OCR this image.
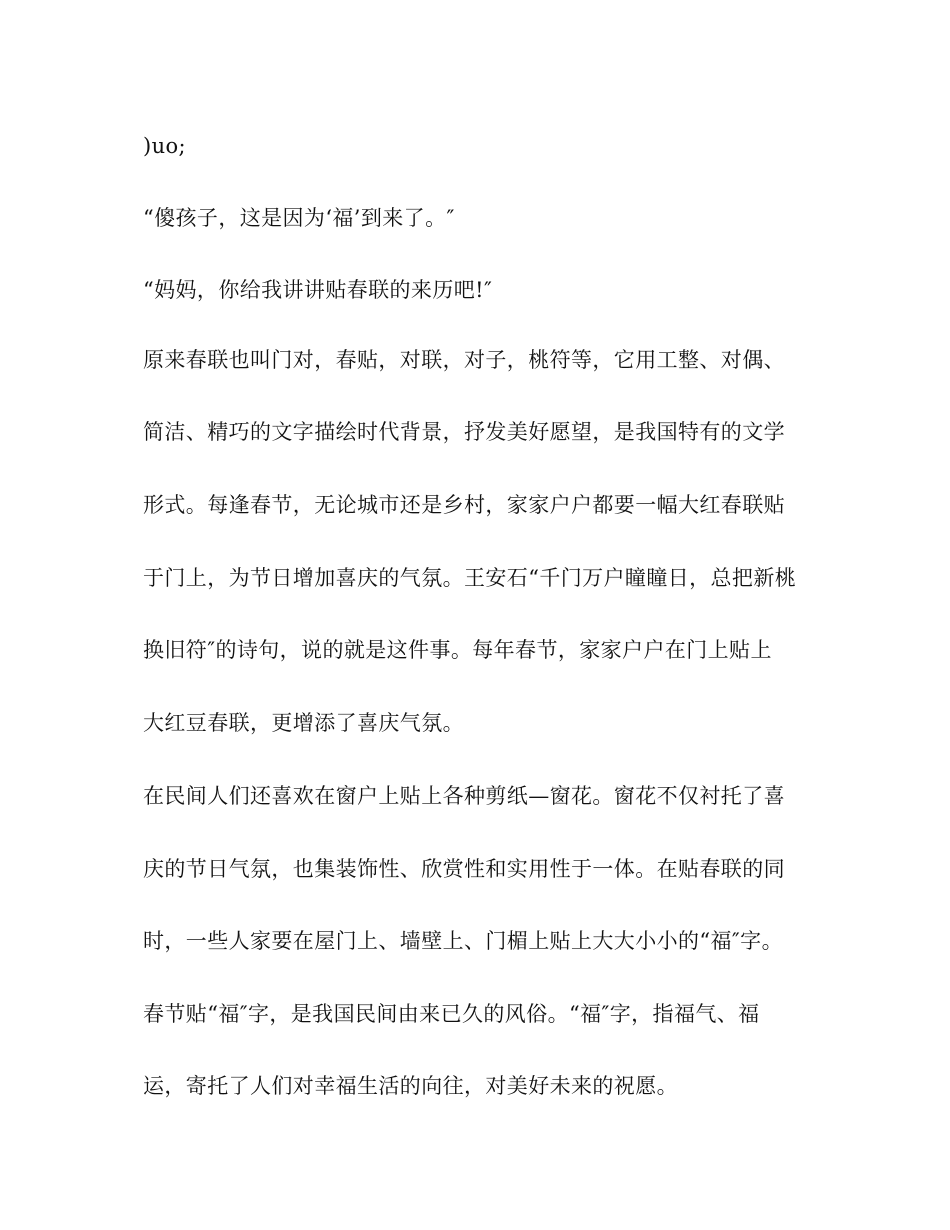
)uo;
“傻孩子，这是因为‘福’到来了。″
“妈妈，你给我讲讲贴春联的来历吧!″
原来春联也叫门对，春贴，对联，对子，桃符等，它用工整、对偶、
简洁、精巧的文字描绘时代背景，抒发美好愿望，是我国特有的文学
形式。每逢春节，无论城市还是乡村，家家户户都要一幅大红春联贴
于门上，为节日增加喜庆的气氛。王安石“千门万户瞳瞳日，总把新桃
换旧符″的诗句，说的就是这件事。每年春节，家家户户在门上贴上
大红豆春联，更增添了喜庆气氛。
在民间人们还喜欢在窗户上贴上各种剪纸—窗花。窗花不仅衬托了喜
庆的节日气氛，也集装饰性、欣赏性和实用性于一体。在贴春联的同
时，一些人家要在屋门上、墙壁上、门楣上贴上大大小小的“福″字。
春节贴“福″字，是我国民间由来已久的风俗。“福″字，指福气、福
运，寄托了人们对幸福生活的向往，对美好未来的祝愿。
